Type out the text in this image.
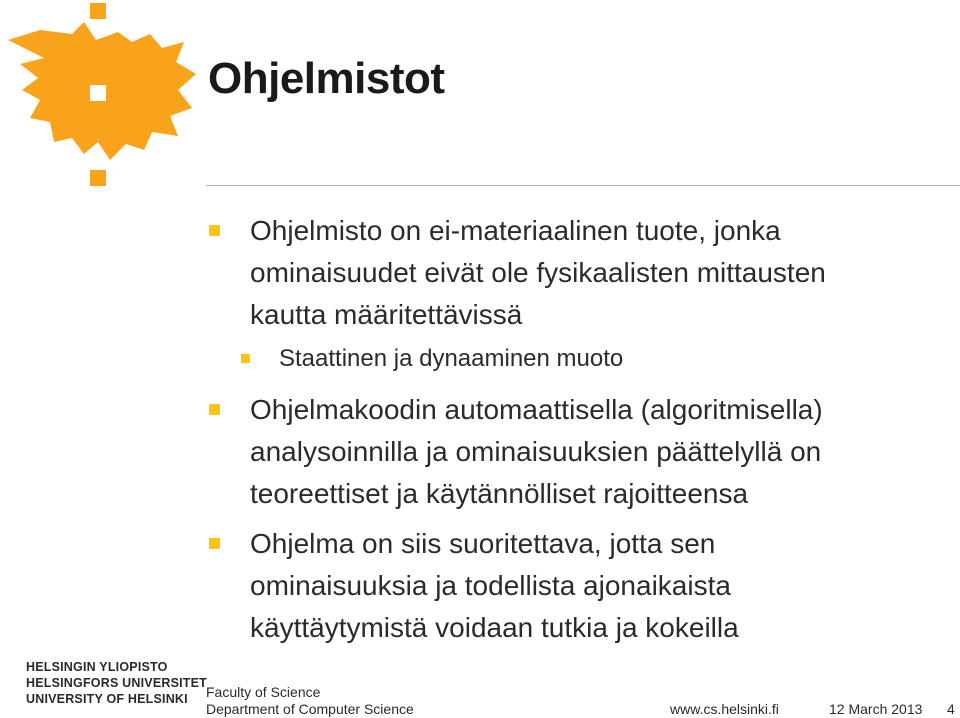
Ohjelmistot
Ohjelmisto on ei-materiaalinen tuote, jonka
ominaisuudet eivät ole fysikaalisten mittausten
kautta määritettävissä
Staattinen ja dynaaminen muoto
Ohjelmakoodin automaattisella (algoritmisella)
analysoinnilla ja ominaisuuksien päättelyllä on
teoreettiset ja käytännölliset rajoitteensa
Ohjelma on siis suoritettava, jotta sen
ominaisuuksia ja todellista ajonaikaista
käyttäytymistä voidaan tutkia ja kokeilla
HELSINGIN YLIOPISTO
HELSINGFORS UNIVERSITET
UNIVERSITY OF HELSINKI	Faculty of Science
Department of Computer Science	www.cs.helsinki.fi	12 March 2013 4
